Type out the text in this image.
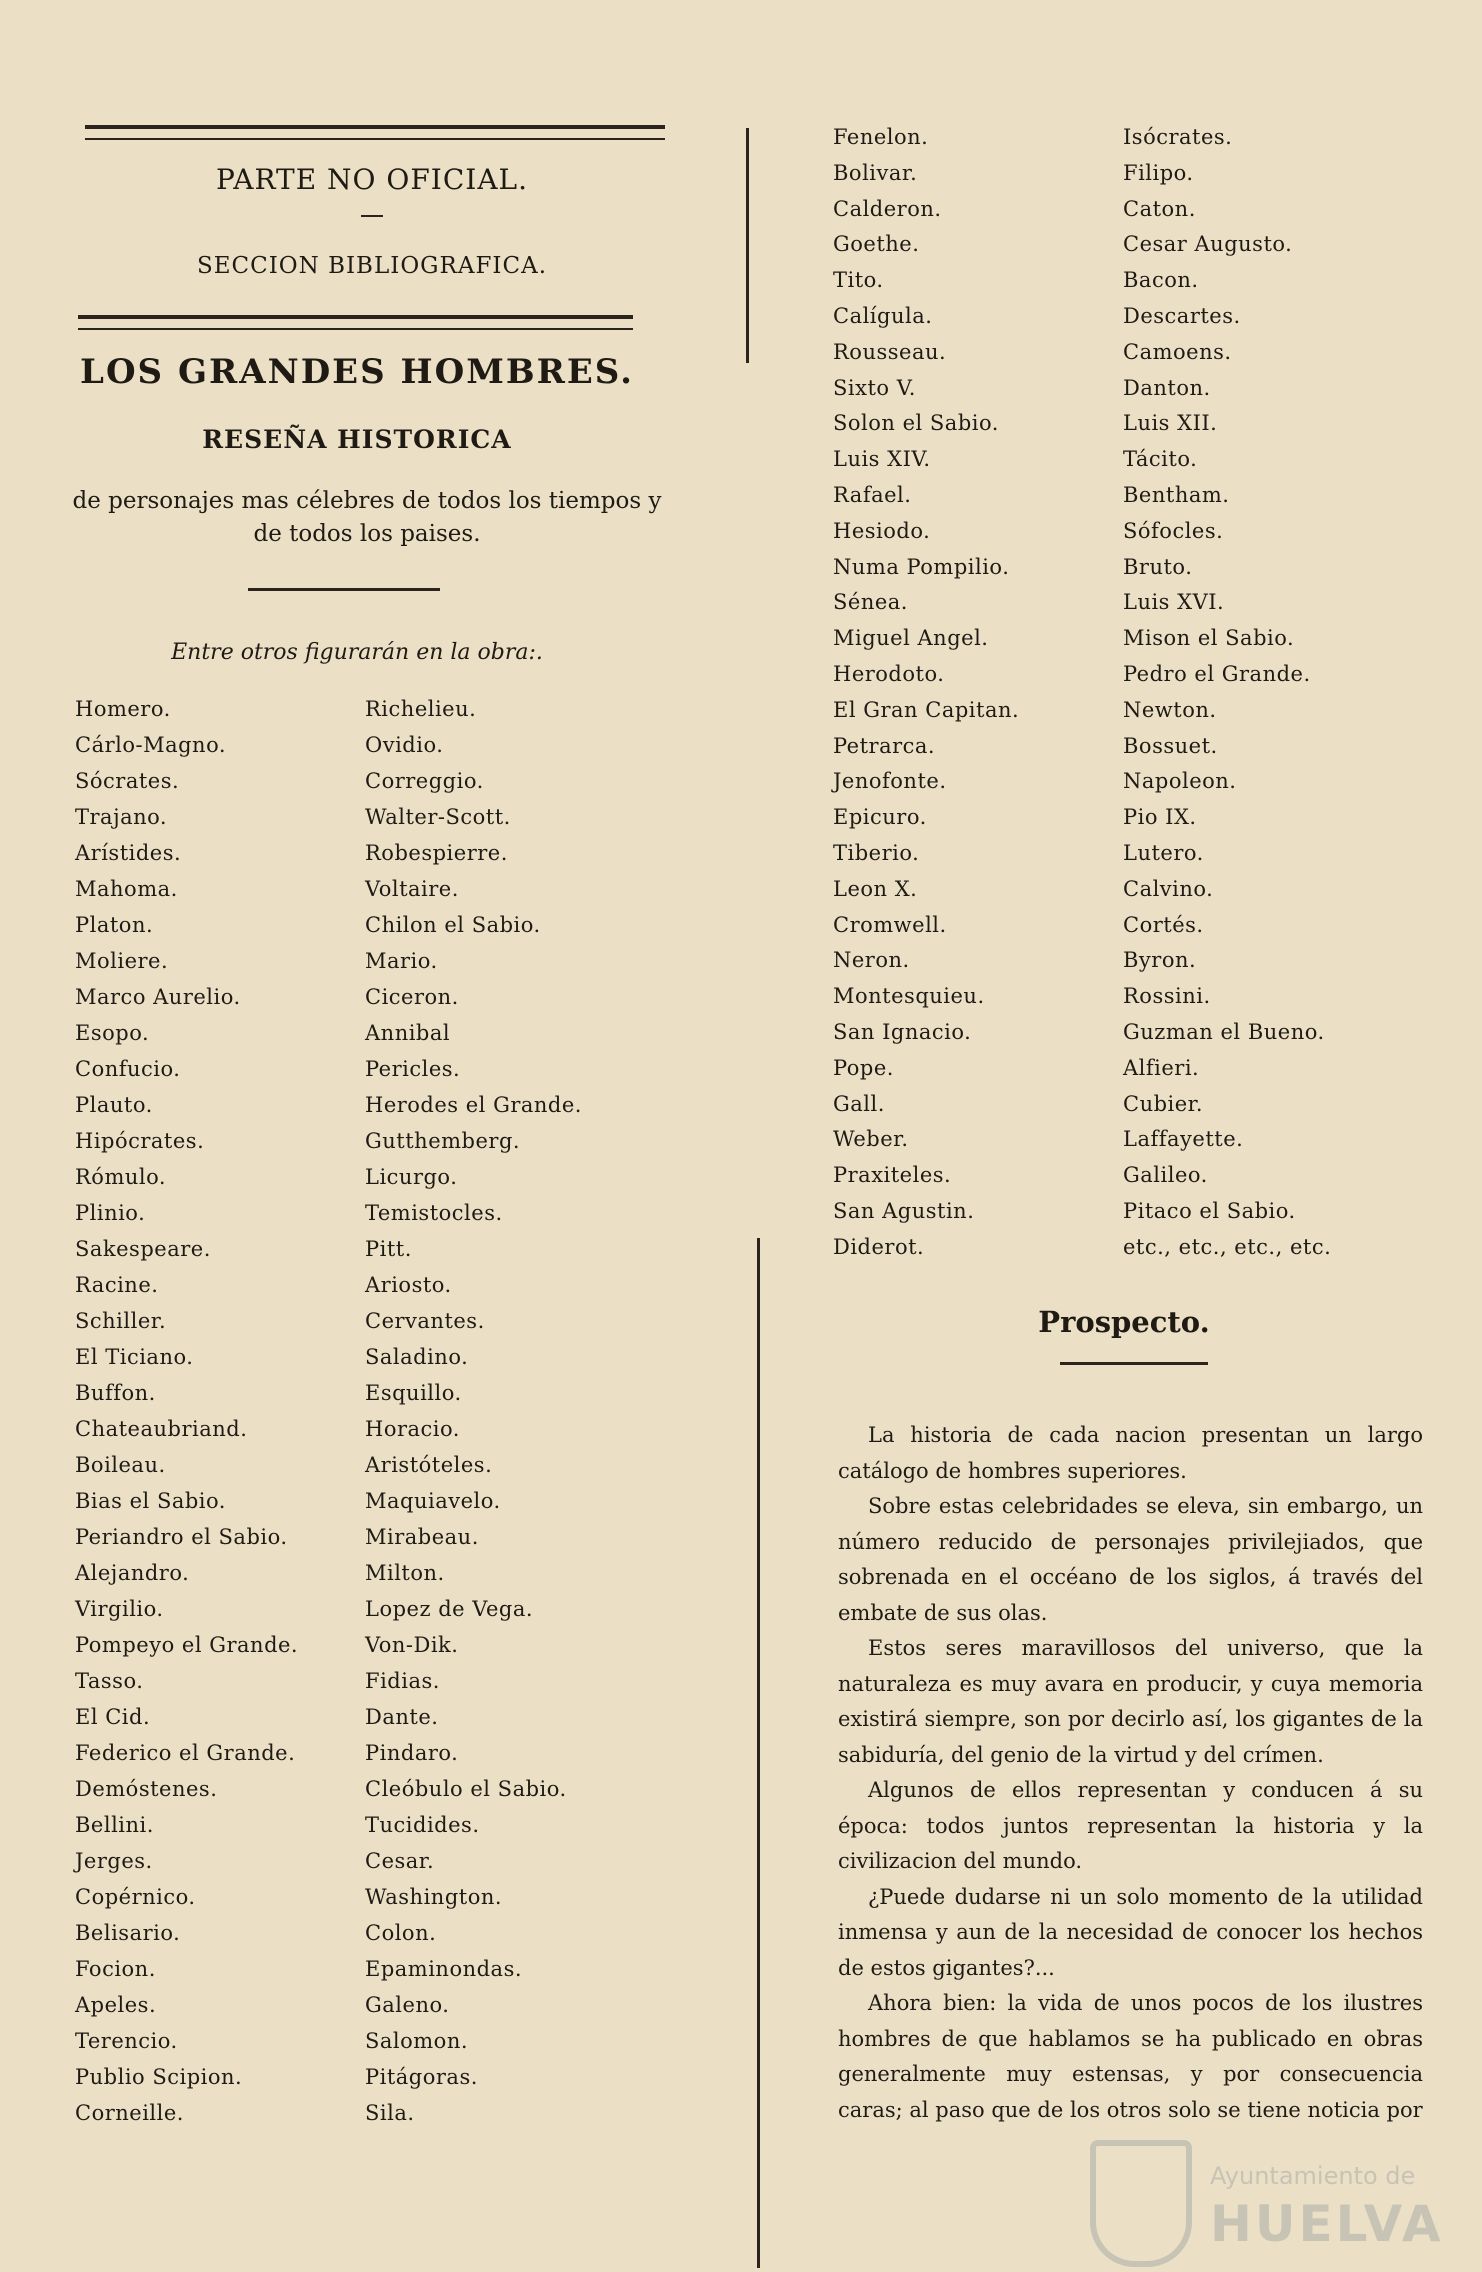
PARTE NO OFICIAL.
SECCION BIBLIOGRAFICA.
LOS GRANDES HOMBRES.
RESEÑA HISTORICA
de personajes mas célebres de todos los tiempos y de todos los paises.
Entre otros figurarán en la obra:.
Homero.	Richelieu.
Cárlo-Magno.	Ovidio.
Sócrates.	Correggio.
Trajano.	Walter-Scott.
Arístides.	Robespierre.
Mahoma.	Voltaire.
Platon.	Chilon el Sabio.
Moliere.	Mario.
Marco Aurelio.	Ciceron.
Esopo.	Annibal
Confucio.	Pericles.
Plauto.	Herodes el Grande.
Hipócrates.	Gutthemberg.
Rómulo.	Licurgo.
Plinio.	Temistocles.
Sakespeare.	Pitt.
Racine.	Ariosto.
Schiller.	Cervantes.
El Ticiano.	Saladino.
Buffon.	Esquillo.
Chateaubriand.	Horacio.
Boileau.	Aristóteles.
Bias el Sabio.	Maquiavelo.
Periandro el Sabio.	Mirabeau.
Alejandro.	Milton.
Virgilio.	Lopez de Vega.
Pompeyo el Grande.	Von-Dik.
Tasso.	Fidias.
El Cid.	Dante.
Federico el Grande.	Pindaro.
Demóstenes.	Cleóbulo el Sabio.
Bellini.	Tucidides.
Jerges.	Cesar.
Copérnico.	Washington.
Belisario.	Colon.
Focion.	Epaminondas.
Apeles.	Galeno.
Terencio.	Salomon.
Publio Scipion.	Pitágoras.
Corneille.	Sila.
Fenelon.	Isócrates.
Bolivar.	Filipo.
Calderon.	Caton.
Goethe.	Cesar Augusto.
Tito.	Bacon.
Calígula.	Descartes.
Rousseau.	Camoens.
Sixto V.	Danton.
Solon el Sabio.	Luis XII.
Luis XIV.	Tácito.
Rafael.	Bentham.
Hesiodo.	Sófocles.
Numa Pompilio.	Bruto.
Sénea.	Luis XVI.
Miguel Angel.	Mison el Sabio.
Herodoto.	Pedro el Grande.
El Gran Capitan.	Newton.
Petrarca.	Bossuet.
Jenofonte.	Napoleon.
Epicuro.	Pio IX.
Tiberio.	Lutero.
Leon X.	Calvino.
Cromwell.	Cortés.
Neron.	Byron.
Montesquieu.	Rossini.
San Ignacio.	Guzman el Bueno.
Pope.	Alfieri.
Gall.	Cubier.
Weber.	Laffayette.
Praxiteles.	Galileo.
San Agustin.	Pitaco el Sabio.
Diderot.	etc., etc., etc., etc.
Prospecto.

La historia de cada nacion presentan un largo catálogo de hombres superiores.

Sobre estas celebridades se eleva, sin embargo, un número reducido de personajes privilejiados, que sobrenada en el occéano de los siglos, á través del embate de sus olas.

Estos seres maravillosos del universo, que la naturaleza es muy avara en producir, y cuya memoria existirá siempre, son por decirlo así, los gigantes de la sabiduría, del genio de la virtud y del crímen.

Algunos de ellos representan y conducen á su época: todos juntos representan la historia y la civilizacion del mundo.

¿Puede dudarse ni un solo momento de la utilidad inmensa y aun de la necesidad de conocer los hechos de estos gigantes?...

Ahora bien: la vida de unos pocos de los ilustres hombres de que hablamos se ha publicado en obras generalmente muy estensas, y por consecuencia caras; al paso que de los otros solo se tiene noticia por

Ayuntamiento de
HUELVA
